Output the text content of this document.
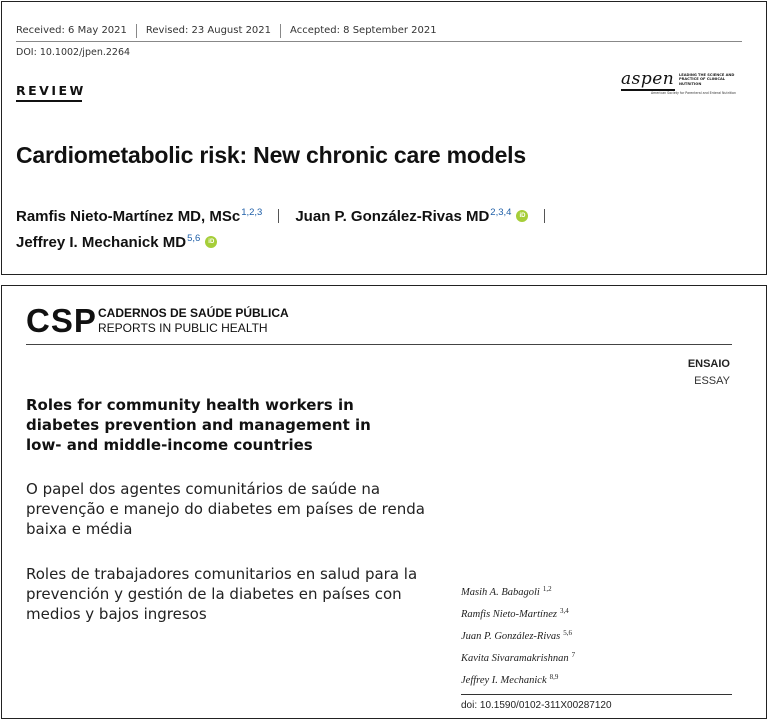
Received: 6 May 2021	Revised: 23 August 2021	Accepted: 8 September 2021
DOI: 10.1002/jpen.2264
REVIEW
aspen LEADING THE SCIENCE AND PRACTICE OF CLINICAL NUTRITION
American Society for Parenteral and Enteral Nutrition
Cardiometabolic risk: New chronic care models
Ramfis Nieto-Martínez MD, MSc$^{1,2,3}$ Juan P. González-Rivas MD$^{2,3,4}$	iD
Jeffrey I. Mechanick MD$^{5,6}$	iD
CSP CADERNOS DE SAÚDE PÚBLICA
REPORTS IN PUBLIC HEALTH
ENSAIO
ESSAY
Roles for community health workers in diabetes prevention and management in low- and middle-income countries
O papel dos agentes comunitários de saúde na prevenção e manejo do diabetes em países de renda baixa e média
Roles de trabajadores comunitarios en salud para la prevención y gestión de la diabetes en países con medios y bajos ingresos
Masih A. Babagoli $^{1,2}$
Ramfis Nieto-Martínez $^{3,4}$
Juan P. González-Rivas $^{5,6}$
Kavita Sivaramakrishnan $^7$
Jeffrey I. Mechanick $^{8,9}$
doi: 10.1590/0102-311X00287120
